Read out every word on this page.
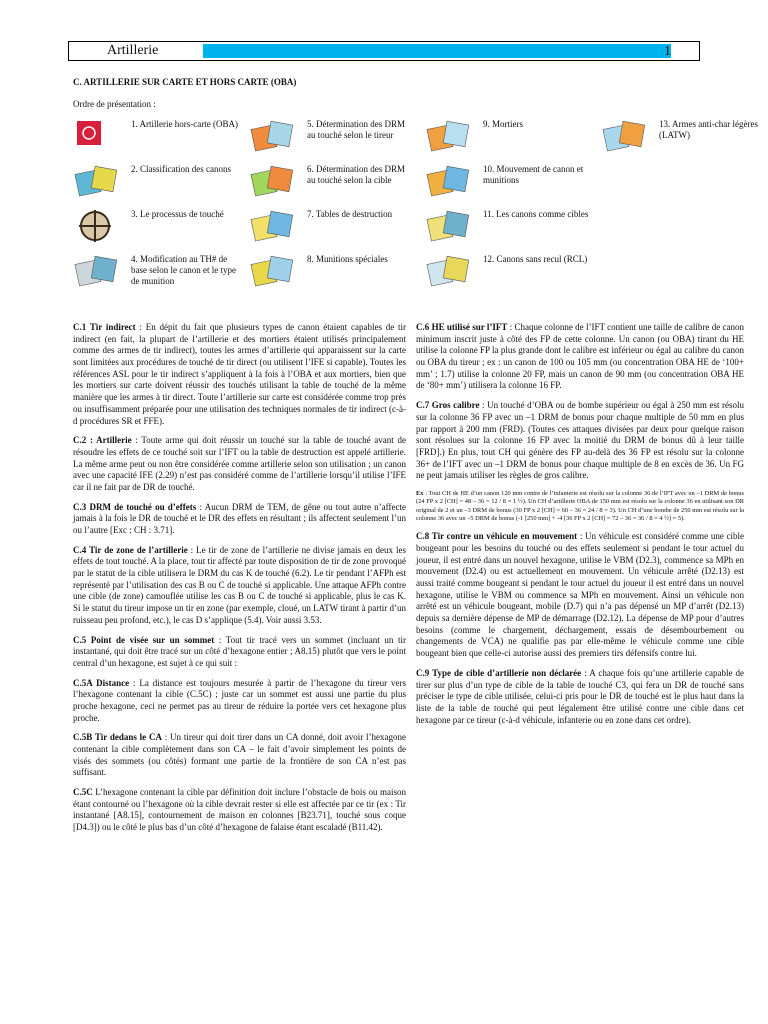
Artillerie	1
C. ARTILLERIE SUR CARTE ET HORS CARTE (OBA)
Ordre de présentation :
1. Artillerie hors-carte (OBA)
2. Classification des canons
3. Le processus de touché
4. Modification au TH# de base selon le canon et le type de munition
5. Détermination des DRM au touché selon le tireur
6. Détermination des DRM au touché selon la cible
7. Tables de destruction
8. Munitions spéciales
9. Mortiers
10. Mouvement de canon et munitions
11. Les canons comme cibles
12. Canons sans recul (RCL)
13. Armes anti-char légères (LATW)
C.1 Tir indirect : En dépit du fait que plusieurs types de canon étaient capables de tir indirect (en fait, la plupart de l’artillerie et des mortiers étaient utilisés principalement comme des armes de tir indirect), toutes les armes d’artillerie qui apparaissent sur la carte sont limitées aux procédures de touché de tir direct (ou utilisent l’IFE si capable). Toutes les références ASL pour le tir indirect s’appliquent à la fois à l’OBA et aux mortiers, bien que les mortiers sur carte doivent réussir des touchés utilisant la table de touché de la même manière que les armes à tir direct. Toute l’artillerie sur carte est considérée comme trop près ou insuffisamment préparée pour une utilisation des techniques normales de tir indirect (c-à-d procédures SR et FFE).
C.2 : Artillerie : Toute arme qui doit réussir un touché sur la table de touché avant de résoudre les effets de ce touché soit sur l’IFT ou la table de destruction est appelé artillerie. La même arme peut ou non être considérée comme artillerie selon son utilisation ; un canon avec une capacité IFE (2.29) n’est pas considéré comme de l’artillerie lorsqu’il utilise l’IFE car il ne fait par de DR de touché.
C.3 DRM de touché ou d’effets : Aucun DRM de TEM, de gêne ou tout autre n’affecte jamais à la fois le DR de touché et le DR des effets en résultant ; ils affectent seulement l’un ou l’autre [Exc : CH : 3.71].
C.4 Tir de zone de l’artillerie : Le tir de zone de l’artillerie ne divise jamais en deux les effets de tout touché. A la place, tout tir affecté par toute disposition de tir de zone provoqué par le statut de la cible utilisera le DRM du cas K de touché (6.2). Le tir pendant l’AFPh est représenté par l’utilisation des cas B ou C de touché si applicable. Une attaque AFPh contre une cible (de zone) camouflée utilise les cas B ou C de touché si applicable, plus le cas K. Si le statut du tireur impose un tir en zone (par exemple, cloué, un LATW tirant à partir d’un ruisseau peu profond, etc.), le cas D s’applique (5.4). Voir aussi 3.53.
C.5 Point de visée sur un sommet : Tout tir tracé vers un sommet (incluant un tir instantané, qui doit être tracé sur un côté d’hexagone entier ; A8.15) plutôt que vers le point central d’un hexagone, est sujet à ce qui suit :
C.5A Distance : La distance est toujours mesurée à partir de l’hexagone du tireur vers l’hexagone contenant la cible (C.5C) ; juste car un sommet est aussi une partie du plus proche hexagone, ceci ne permet pas au tireur de réduire la portée vers cet hexagone plus proche.
C.5B Tir dedans le CA : Un tireur qui doit tirer dans un CA donné, doit avoir l’hexagone contenant la cible complètement dans son CA – le fait d’avoir simplement les points de visés des sommets (ou côtés) formant une partie de la frontière de son CA n’est pas suffisant.
C.5C L’hexagone contenant la cible par définition doit inclure l’obstacle de bois ou maison étant contourné ou l’hexagone où la cible devrait rester si elle est affectée par ce tir (ex : Tir instantané [A8.15], contournement de maison en colonnes [B23.71], touché sous coque [D4.3]) ou le côté le plus bas d’un côté d’hexagone de falaise étant escaladé (B11.42).
C.6 HE utilisé sur l’IFT : Chaque colonne de l’IFT contient une taille de calibre de canon minimum inscrit juste à côté des FP de cette colonne. Un canon (ou OBA) tirant du HE utilise la colonne FP la plus grande dont le calibre est inférieur ou égal au calibre du canon ou OBA du tireur ; ex : un canon de 100 ou 105 mm (ou concentration OBA HE de ‘100+ mm’ ; 1.7) utilise la colonne 20 FP, mais un canon de 90 mm (ou concentration OBA HE de ‘80+ mm’) utilisera la colonne 16 FP.
C.7 Gros calibre : Un touché d’OBA ou de bombe supérieur ou égal à 250 mm est résolu sur la colonne 36 FP avec un –1 DRM de bonus pour chaque multiple de 50 mm en plus par rapport à 200 mm (FRD). (Toutes ces attaques divisées par deux pour quelque raison sont résolues sur la colonne 16 FP avec la moitié du DRM de bonus dû à leur taille [FRD].) En plus, tout CH qui génère des FP au-delà des 36 FP est résolu sur la colonne 36+ de l’IFT avec un –1 DRM de bonus pour chaque multiple de 8 en excès de 36. Un FG ne peut jamais utiliser les règles de gros calibre.
Ex : Tout CH de HE d’un canon 120 mm contre de l’infanterie est résolu sur la colonne 36 de l’IFT avec un –1 DRM de bonus (24 FP x 2 [CH] = 48 – 36 = 12 / 8 = 1 ½). Un CH d’artillerie OBA de 150 mm est résolu sur la colonne 36 en utilisant son DR original de 2 et un –3 DRM de bonus (30 FP x 2 [CH] = 60 – 36 = 24 / 8 = 3). Un CH d’une bombe de 250 mm est résolu sur la colonne 36 avec un –5 DRM de bonus (-1 [250 mm] + -4 [36 FP x 2 [CH] = 72 – 36 = 36 / 8 = 4 ½] = 5).
C.8 Tir contre un véhicule en mouvement : Un véhicule est considéré comme une cible bougeant pour les besoins du touché ou des effets seulement si pendant le tour actuel du joueur, il est entré dans un nouvel hexagone, utilise le VBM (D2.3), commence sa MPh en mouvement (D2.4) ou est actuellement en mouvement. Un véhicule arrêté (D2.13) est aussi traité comme bougeant si pendant le tour actuel du joueur il est entré dans un nouvel hexagone, utilise le VBM ou commence sa MPh en mouvement. Ainsi un véhicule non arrêté est un véhicule bougeant, mobile (D.7) qui n’a pas dépensé un MP d’arrêt (D2.13) depuis sa dernière dépense de MP de démarrage (D2.12). La dépense de MP pour d’autres besoins (comme le chargement, déchargement, essais de désembourbement ou changements de VCA) ne qualifie pas par elle-même le véhicule comme une cible bougeant bien que celle-ci autorise aussi des premiers tirs défensifs contre lui.
C.9 Type de cible d’artillerie non déclarée : A chaque fois qu’une artillerie capable de tirer sur plus d’un type de cible de la table de touché C3, qui fera un DR de touché sans préciser le type de cible utilisée, celui-ci pris pour le DR de touché est le plus haut dans la liste de la table de touché qui peut légalement être utilisé contre une cible dans cet hexagone par ce tireur (c-à-d véhicule, infanterie ou en zone dans cet ordre).
